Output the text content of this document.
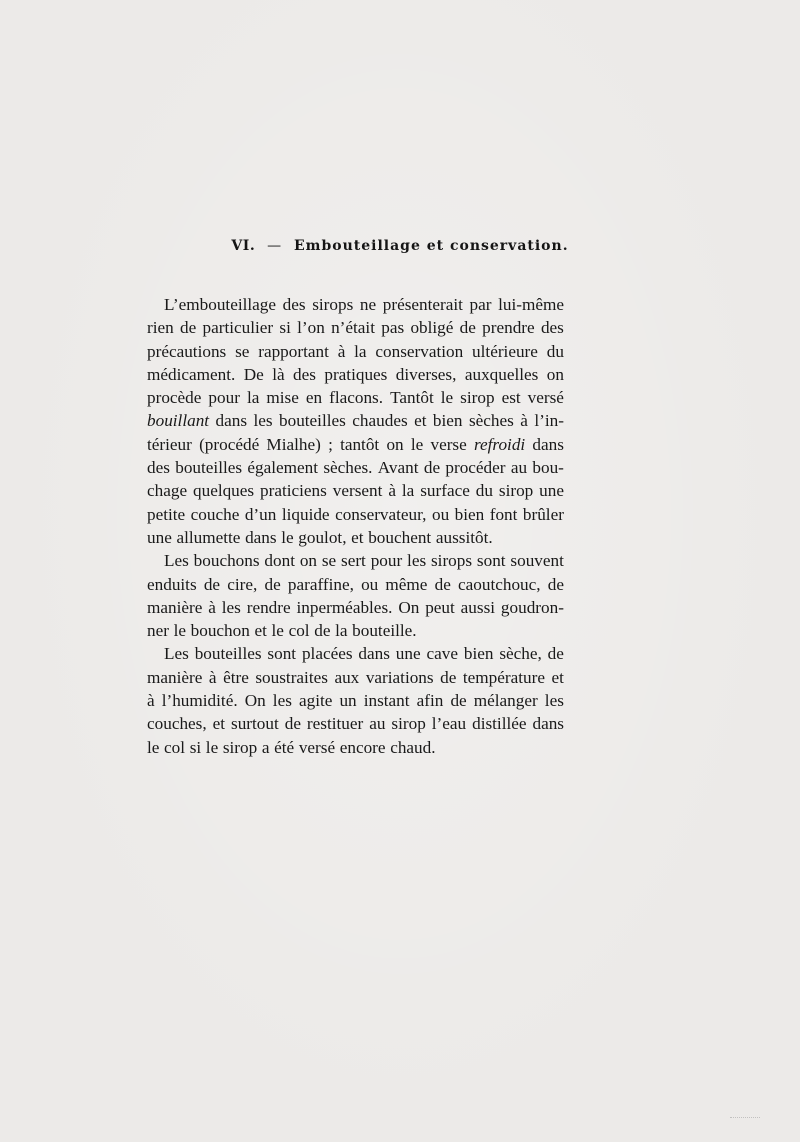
VI. — Embouteillage et conservation.
L’embouteillage des sirops ne présenterait par lui-même
rien de particulier si l’on n’était pas obligé de prendre des
précautions se rapportant à la conservation ultérieure du
médicament. De là des pratiques diverses, auxquelles on
procède pour la mise en flacons. Tantôt le sirop est versé
bouillant dans les bouteilles chaudes et bien sèches à l’in-
térieur (procédé Mialhe) ; tantôt on le verse refroidi dans
des bouteilles également sèches. Avant de procéder au bou-
chage quelques praticiens versent à la surface du sirop une
petite couche d’un liquide conservateur, ou bien font brûler
une allumette dans le goulot, et bouchent aussitôt.
Les bouchons dont on se sert pour les sirops sont souvent
enduits de cire, de paraffine, ou même de caoutchouc, de
manière à les rendre inperméables. On peut aussi goudron-
ner le bouchon et le col de la bouteille.
Les bouteilles sont placées dans une cave bien sèche, de
manière à être soustraites aux variations de température et
à l’humidité. On les agite un instant afin de mélanger les
couches, et surtout de restituer au sirop l’eau distillée dans
le col si le sirop a été versé encore chaud.
